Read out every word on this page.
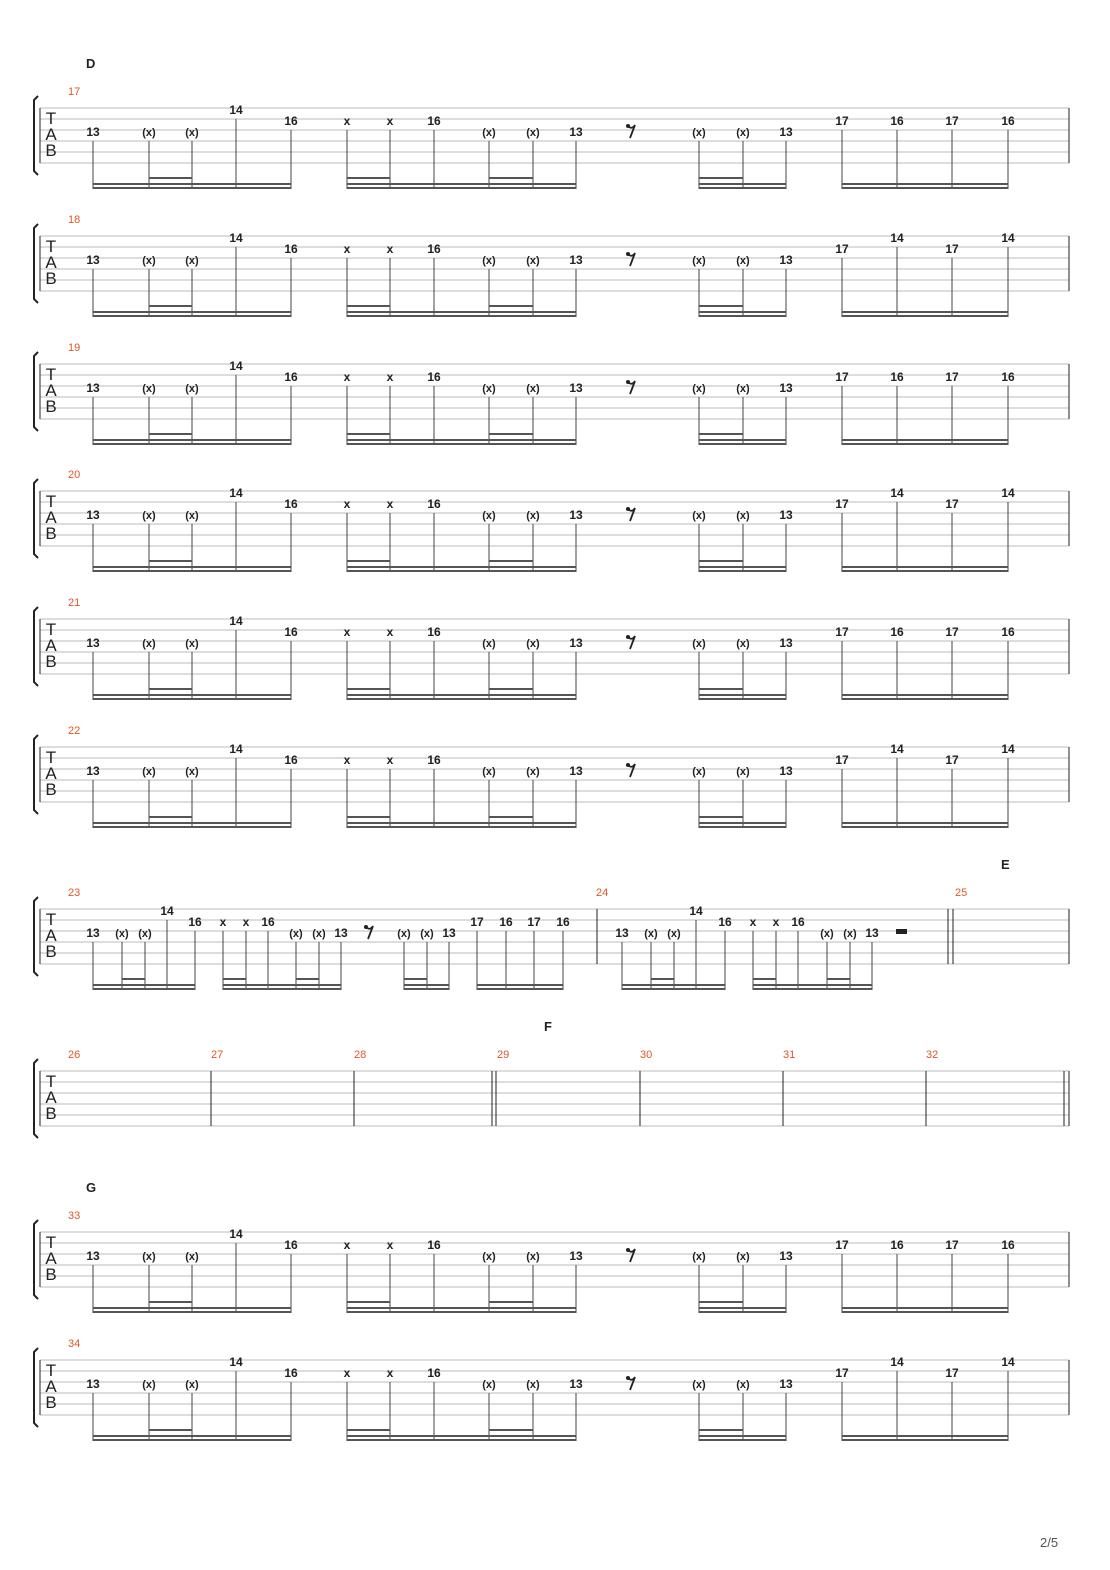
T
A
B
D
17
13	(x)	(x)
14
16	x	x	16
(x)	(x) 13	(x)	(x) 13
17	16	17	16
T
A
B
18
13	(x)	(x)
14
16	x	x	16
(x)	(x) 13	(x)	(x) 13
17
14
17
14
T
A
B
19
13	(x)	(x)
14
16	x	x	16
(x)	(x) 13	(x)	(x) 13
17	16	17	16
T
A
B
20
13	(x)	(x)
14
16	x	x	16
(x)	(x) 13	(x)	(x) 13
17
14
17
14
T
A
B
21
13	(x)	(x)
14
16	x	x	16
(x)	(x) 13	(x)	(x) 13
17	16	17	16
T
A
B
22
13	(x)	(x)
14
16	x	x	16
(x)	(x) 13	(x)	(x) 13
17
14
17
14
T
A
B
E
23
13 (x) (x)
14
16 x x 16
(x) (x) 13	(x) (x) 13
17 16 17 16
24
13 (x) (x)
14
16 x x 16
(x) (x) 13
25
T
A
B
F
26	27	28	29	30	31	32
T
A
B
G
33
13	(x)	(x)
14
16	x	x	16
(x)	(x) 13	(x)	(x) 13
17	16	17	16
T
A
B
34
13	(x)	(x)
14
16	x	x	16
(x)	(x) 13	(x)	(x) 13
17
14
17
14
2/5
